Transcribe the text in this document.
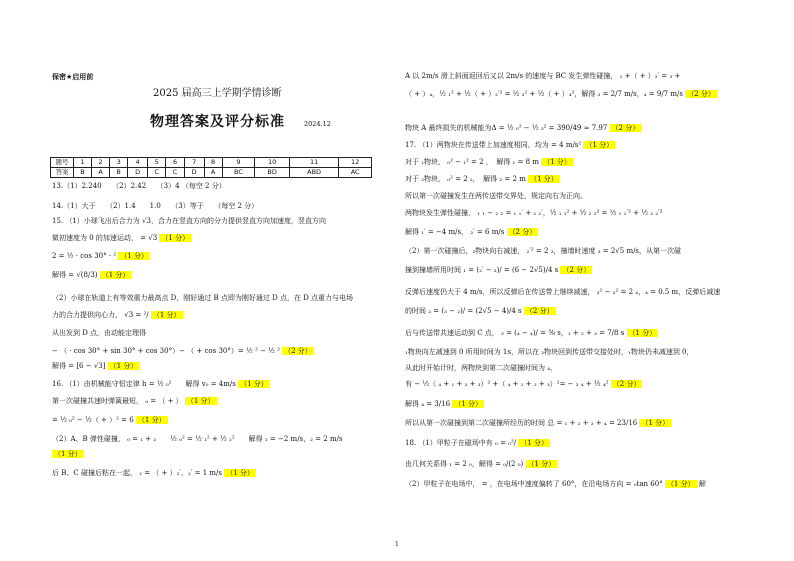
保密★启用前
2025 届高三上学期学情诊断
物理答案及评分标准	2024.12
题号	1	2	3	4	5	6	7	8	9	10	11	12
答案	B	A	B	D	C	C	D	A	BC	BD	ABD	AC
13.（1）2.240　　（2）2.42　　（3）4 （每空 2 分）
14.（1）大于　　（2）1.4　　1.0　　（3）等于　　（每空 2 分）
15. （1）小球飞出后合力为 √3，合力在竖直方向的分力提供竖直方向加速度，竖直方向
做初速度为 0 的加速运动， = √3 （1 分）
2 = ½ · cos 30° · ² （1 分）
解得 = √(8/3) （1 分）
（2）小球在轨道上有等效重力最高点 D，刚好通过 B 点即为刚好通过 D 点，在 D 点重力与电场
力的合力提供向心力， √3 = ²/ （1 分）
从出发到 D 点，由动能定理得
− （ · cos 30° + sin 30° + cos 30°）− （ + cos 30°）= ½ ² − ½ ² （2 分）
解得 = [6 − √3] （1 分）
16. （1）由机械能守恒定律 h = ½ ₀²　　解得 v₀ = 4m/s （1 分）
第一次碰撞共速时弹簧最短， ₀ = （ + ） （1 分）
= ½ ₀² − ½（ + ）² = 6 （1 分）
（2）A、B 弹性碰撞， ₀ = ₁ + ₂　　½ ₀² = ½ ₁² + ½ ₂²　　解得 ₁ = −2 m/s，₂ = 2 m/s
（1 分）
后 B、C 碰撞后粘在一起， ₂ = （ + ）₂′，₂′ = 1 m/s （1 分）
A 以 2m/s 滑上斜面返回后又以 2m/s 的速度与 BC 发生弹性碰撞， ₁ +（ + ）₂′ = ₃ +
（ + ）₄，½ ₁² + ½（ + ）₂′² = ½ ₃² + ½（ + ）₄²，解得 ₃ = 2/7 m/s，₄ = 9/7 m/s （2 分）
物块 A 最终损失的机械能为Δ = ½ ₀² − ½ ₃² = 390/49 ≈ 7.97 （2 分）
17. （1）两物块在传送带上加速度相同，均为 = 4 m/s² （1 分）
对于 ₁物块， ₀² − ₁² = 2 ，　解得 ₁ = 8 m （1 分）
对于 ₂物块， ₀² = 2 ₂，　解得 ₂ = 2 m （1 分）
所以第一次碰撞发生在两传送带交界处，规定向右为正向。
两物块发生弹性碰撞， ₁ ₁ − ₂ ₂ = ₁ ₁′ + ₂ ₂′，½ ₁ ₁² + ½ ₂ ₂² = ½ ₁ ₁′² + ½ ₂ ₂′²
解得 ₁′ = −4 m/s， ₂′ = 6 m/s （2 分）
（2）第一次碰撞后，₂物块向右减速， ₂′² = 2 ₃，撞墙时速度 ₃ = 2√5 m/s，从第一次碰
撞到撞墙所用时间 ₁ = (₂′ − ₃)/ = (6 − 2√5)/4 s （2 分）
反弹后速度仍大于 4 m/s，所以反弹后在传送带上继续减速， ₃² − ₂² = 2 ₄，₄ = 0.5 m，反弹后减速
的时间 ₂ = (₃ − ₂)/ = (2√5 − 4)/4 s （2 分）
后与传送带共速运动到 C 点， ₃ = (₄ − ₄)/ = ⅜ s，₁ + ₂ + ₃ = 7/8 s （1 分）
₁物块向左减速到 0 所用时间为 1s，所以在 ₂物块回到传送带交接处时，₁物块仍未减速到 0，
从此时开始计时，两物块到第二次碰撞时间为 ₄，
有 − ½（ ₄ + ₁ + ₂ + ₃）² +（ ₄ + ₁ + ₂ + ₃）²= − ₂ ₄ + ½ ₄² （2 分）
解得 ₄ = 3/16 （1 分）
所以从第一次碰撞到第二次碰撞所经历的时间 总 = ₁ + ₂ + ₃ + ₄ = 23/16 （1 分）
18. （1）甲粒子在磁场中有 ₀ = ₀²/ （1 分）
由几何关系得 ₁ = 2 ₀，解得 = ₀/(2 ₀) （1 分）
（2）甲粒子在电场中， = ，在电场中速度偏转了 60°，在沿电场方向 = ₀tan 60° （1 分） 解
1
